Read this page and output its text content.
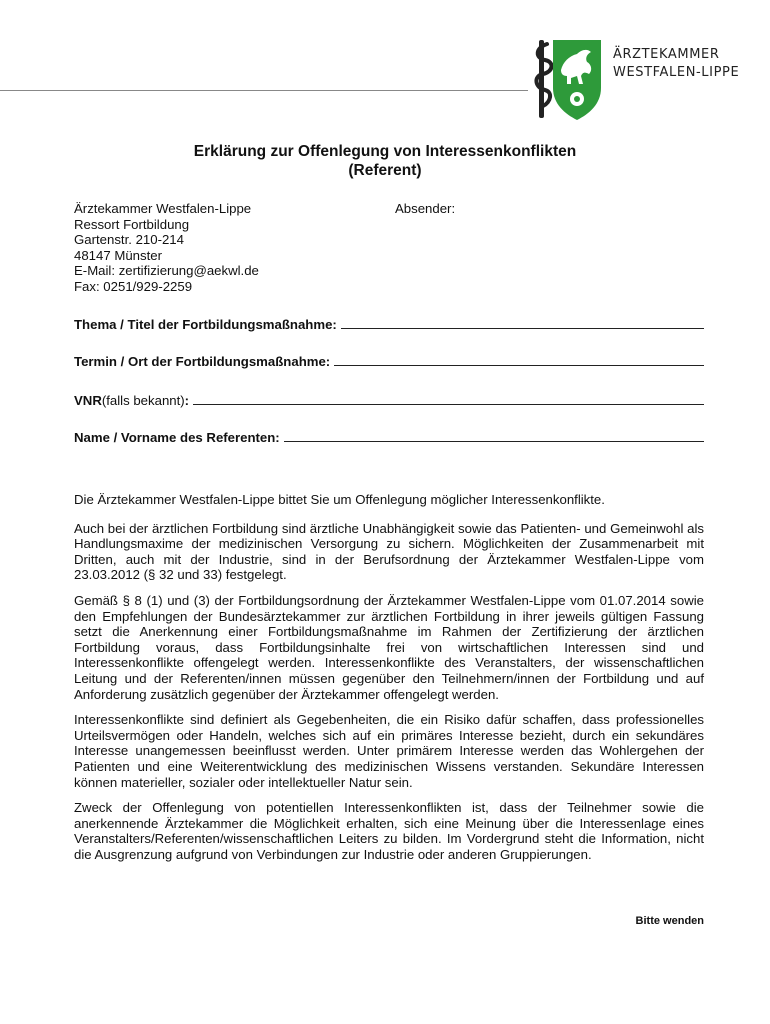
ÄRZTEKAMMER
WESTFALEN-LIPPE
Erklärung zur Offenlegung von Interessenkonflikten
(Referent)
Ärztekammer Westfalen-Lippe
Ressort Fortbildung
Gartenstr. 210-214
48147 Münster
E-Mail: zertifizierung@aekwl.de
Fax: 0251/929-2259
Absender:
Thema / Titel der Fortbildungsmaßnahme:
Termin / Ort der Fortbildungsmaßnahme:
VNR (falls bekannt) :
Name / Vorname des Referenten:

Die Ärztekammer Westfalen-Lippe bittet Sie um Offenlegung möglicher Interessenkonflikte.

Auch bei der ärztlichen Fortbildung sind ärztliche Unabhängigkeit sowie das Patienten- und Gemeinwohl als Handlungsmaxime der medizinischen Versorgung zu sichern. Möglichkeiten der Zusammenarbeit mit Dritten, auch mit der Industrie, sind in der Berufsordnung der Ärztekammer Westfalen-Lippe vom 23.03.2012 (§ 32 und 33) festgelegt.

Gemäß § 8 (1) und (3) der Fortbildungsordnung der Ärztekammer Westfalen-Lippe vom 01.07.2014 sowie den Empfehlungen der Bundesärztekammer zur ärztlichen Fortbildung in ihrer jeweils gültigen Fassung setzt die Anerkennung einer Fortbildungsmaßnahme im Rahmen der Zertifizierung der ärztlichen Fortbildung voraus, dass Fortbildungsinhalte frei von wirtschaftlichen Interessen sind und Interessenkonflikte offengelegt werden. Interessenkonflikte des Veranstalters, der wissenschaftlichen Leitung und der Referenten/innen müssen gegenüber den Teilnehmern/innen der Fortbildung und auf Anforderung zusätzlich gegenüber der Ärztekammer offengelegt werden.

Interessenkonflikte sind definiert als Gegebenheiten, die ein Risiko dafür schaffen, dass professionelles Urteilsvermögen oder Handeln, welches sich auf ein primäres Interesse bezieht, durch ein sekundäres Interesse unangemessen beeinflusst werden. Unter primärem Interesse werden das Wohlergehen der Patienten und eine Weiterentwicklung des medizinischen Wissens verstanden. Sekundäre Interessen können materieller, sozialer oder intellektueller Natur sein.

Zweck der Offenlegung von potentiellen Interessenkonflikten ist, dass der Teilnehmer sowie die anerkennende Ärztekammer die Möglichkeit erhalten, sich eine Meinung über die Interessenlage eines Veranstalters/Referenten/wissenschaftlichen Leiters zu bilden. Im Vordergrund steht die Information, nicht die Ausgrenzung aufgrund von Verbindungen zur Industrie oder anderen Gruppierungen.

Bitte wenden
